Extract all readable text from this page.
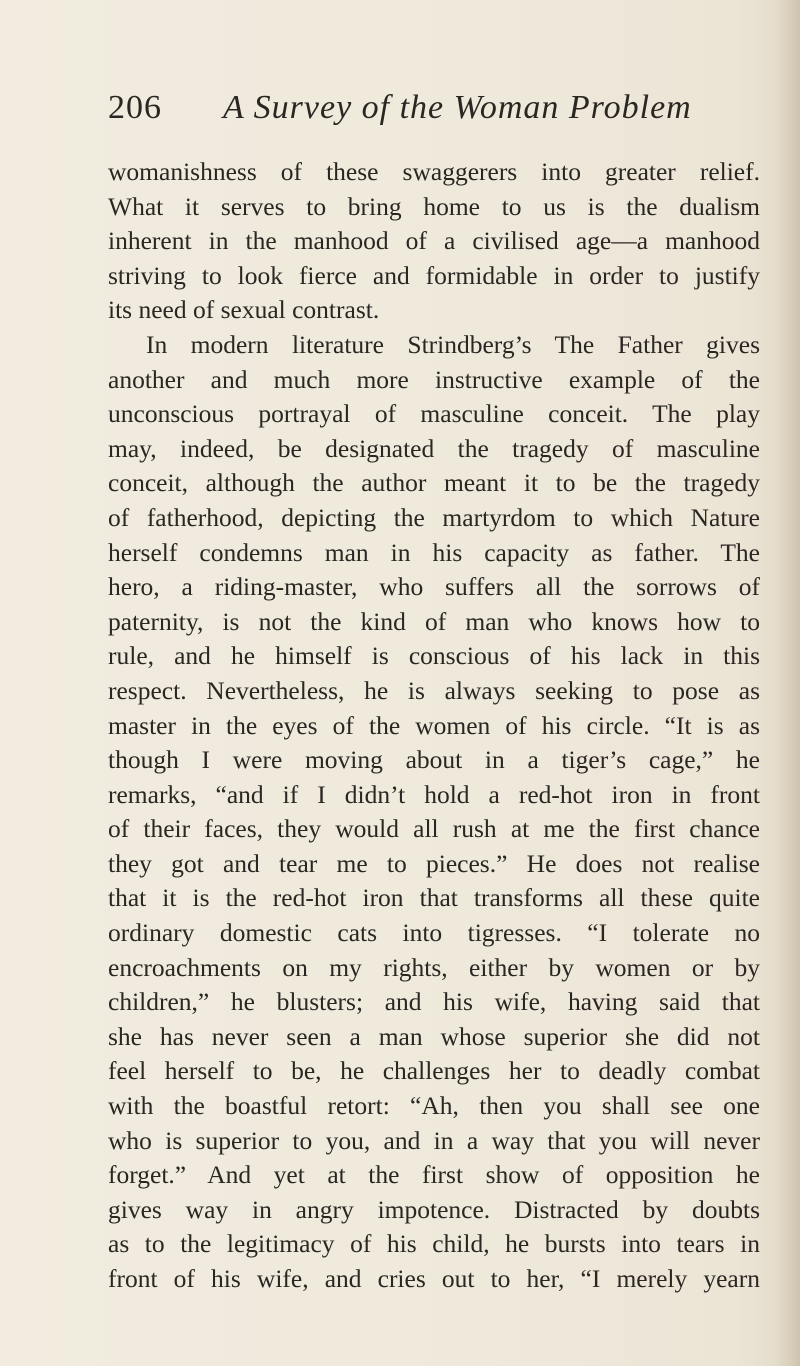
206 A Survey of the Woman Problem
womanishness of these swaggerers into greater relief.
What it serves to bring home to us is the dualism
inherent in the manhood of a civilised age—a manhood
striving to look fierce and formidable in order to justify
its need of sexual contrast.
In modern literature Strindberg’s The Father gives
another and much more instructive example of the
unconscious portrayal of masculine conceit. The play
may, indeed, be designated the tragedy of masculine
conceit, although the author meant it to be the tragedy
of fatherhood, depicting the martyrdom to which Nature
herself condemns man in his capacity as father. The
hero, a riding-master, who suffers all the sorrows of
paternity, is not the kind of man who knows how to
rule, and he himself is conscious of his lack in this
respect. Nevertheless, he is always seeking to pose as
master in the eyes of the women of his circle. “It is as
though I were moving about in a tiger’s cage,” he
remarks, “and if I didn’t hold a red-hot iron in front
of their faces, they would all rush at me the first chance
they got and tear me to pieces.” He does not realise
that it is the red-hot iron that transforms all these quite
ordinary domestic cats into tigresses. “I tolerate no
encroachments on my rights, either by women or by
children,” he blusters; and his wife, having said that
she has never seen a man whose superior she did not
feel herself to be, he challenges her to deadly combat
with the boastful retort: “Ah, then you shall see one
who is superior to you, and in a way that you will never
forget.” And yet at the first show of opposition he
gives way in angry impotence. Distracted by doubts
as to the legitimacy of his child, he bursts into tears in
front of his wife, and cries out to her, “I merely yearn
